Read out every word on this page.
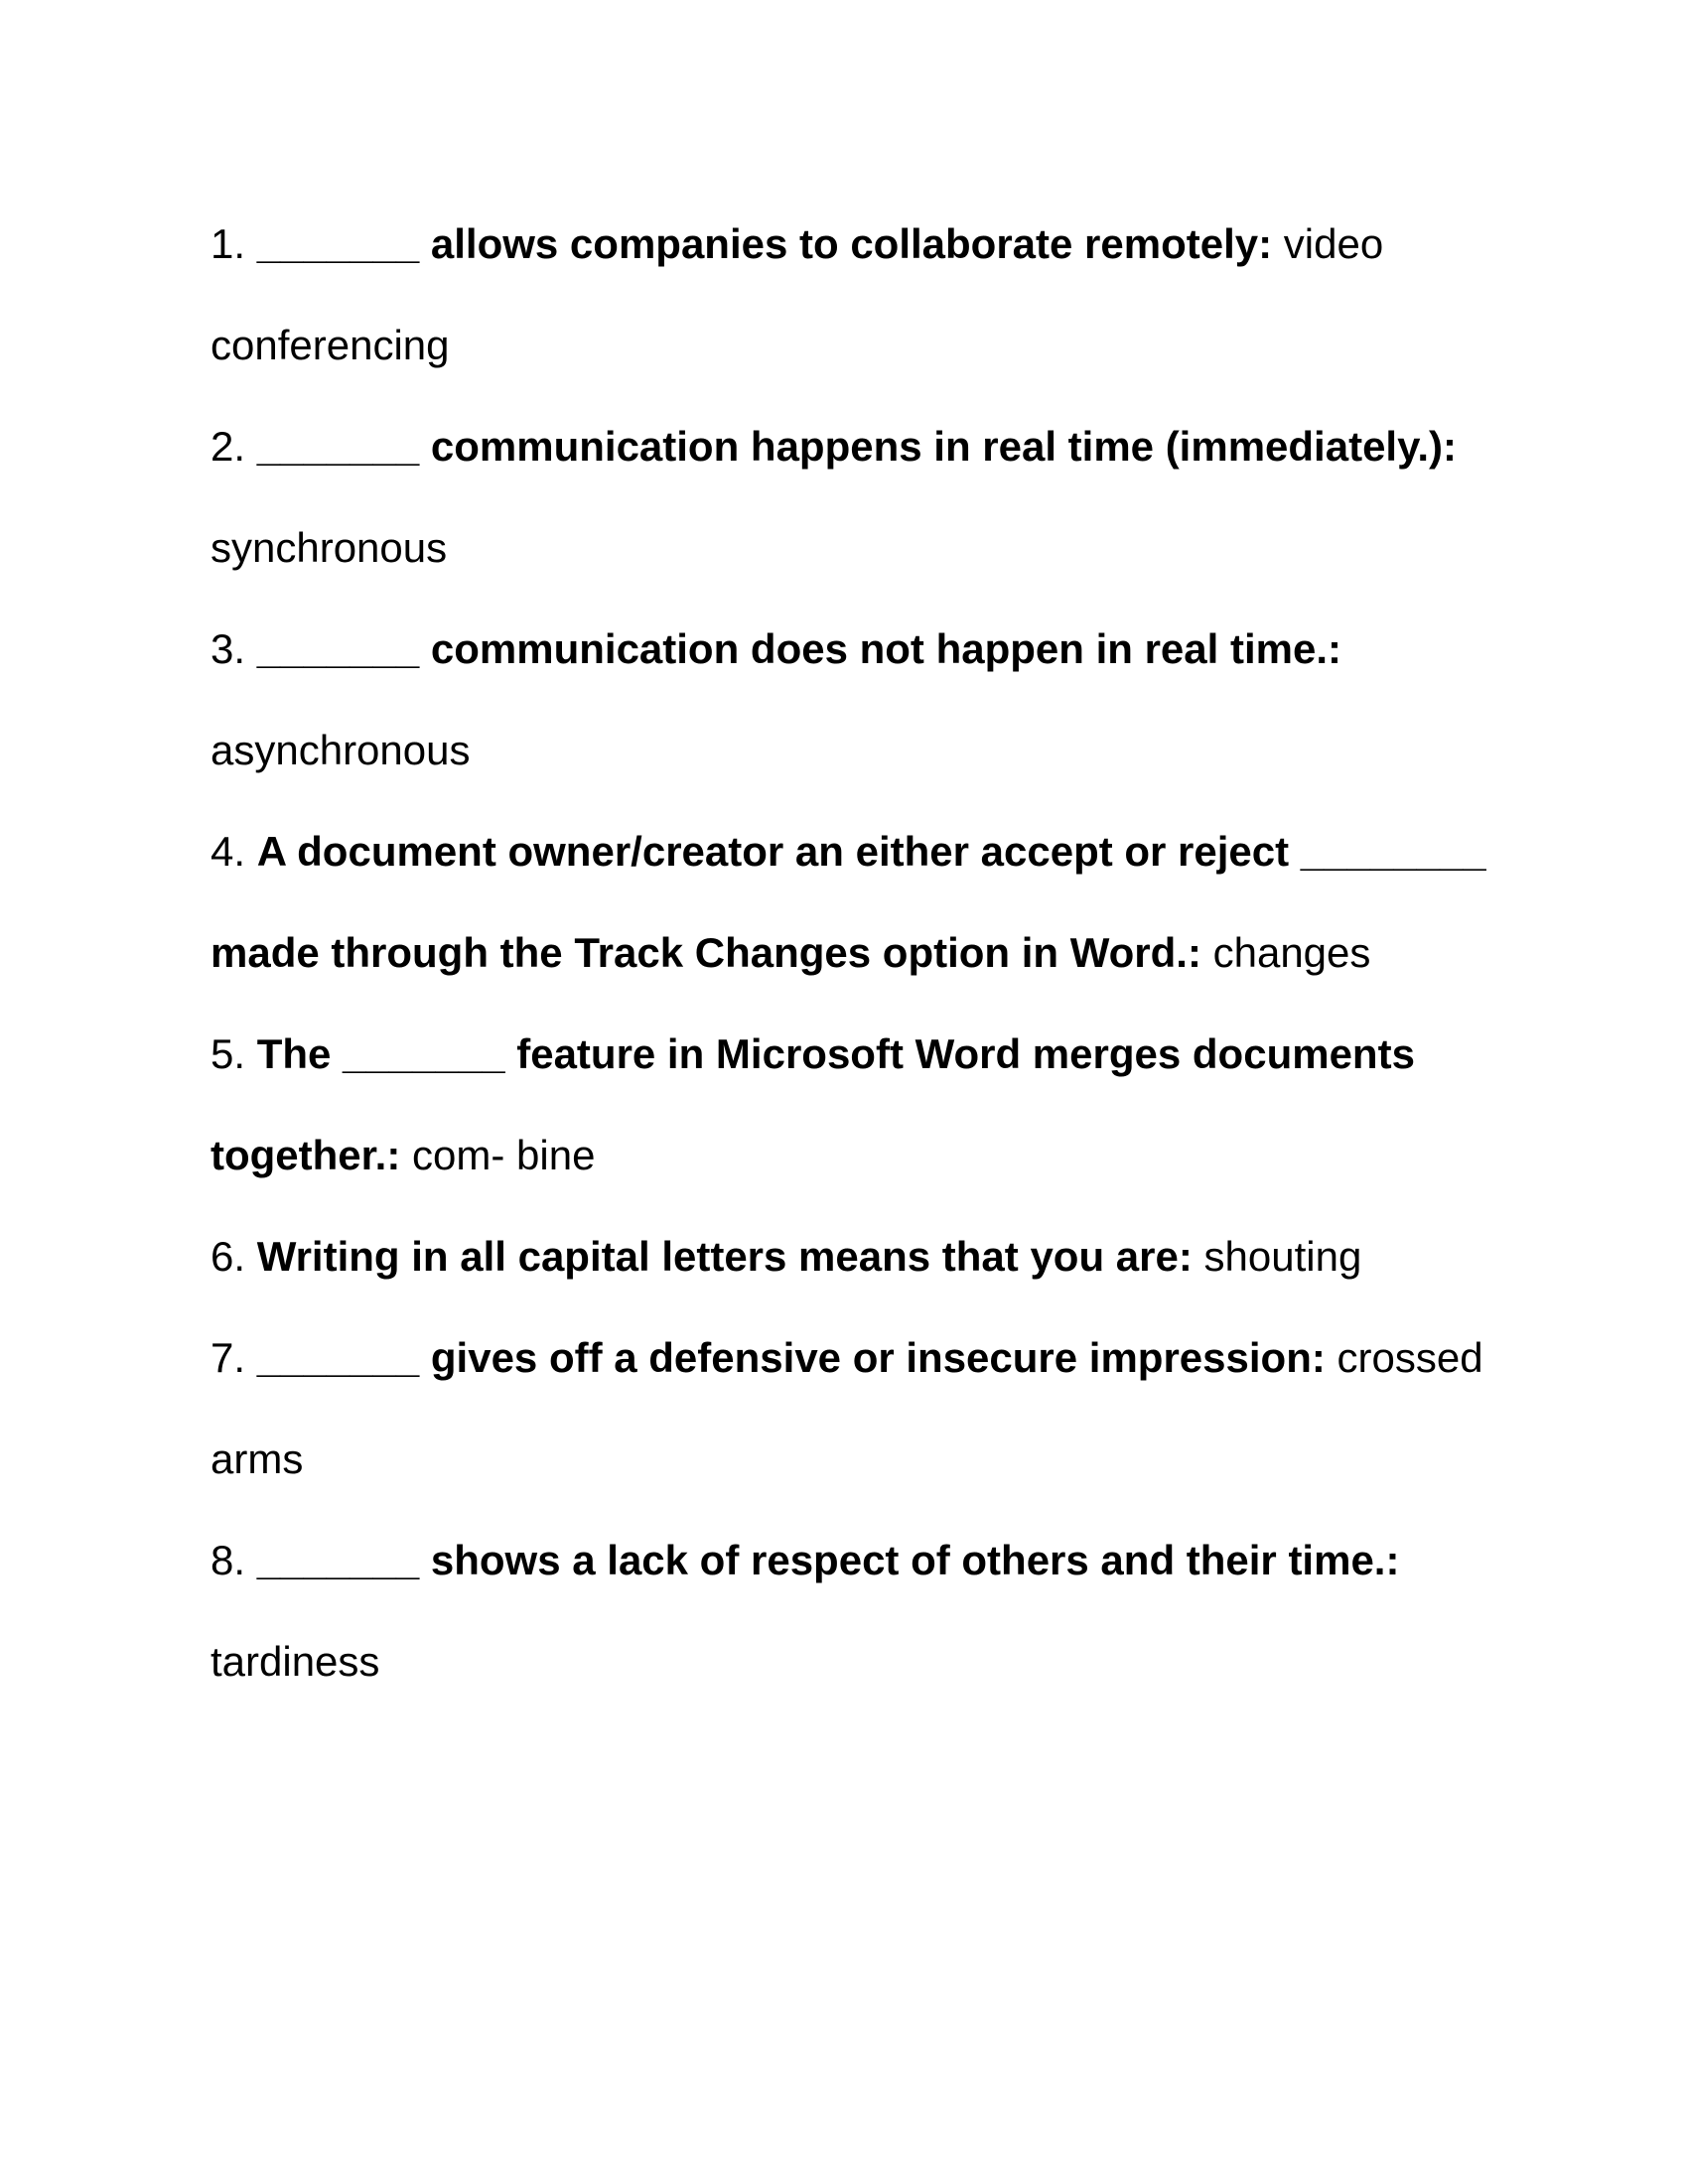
1. _______ allows companies to collaborate remotely: video conferencing

2. _______ communication happens in real time (immediately.): synchronous

3. _______ communication does not happen in real time.: asynchronous

4. A document owner/creator an either accept or reject ________ made through the Track Changes option in Word.: changes

5. The _______ feature in Microsoft Word merges documents together.: com- bine

6. Writing in all capital letters means that you are: shouting

7. _______ gives off a defensive or insecure impression: crossed arms

8. _______ shows a lack of respect of others and their time.: tardiness
